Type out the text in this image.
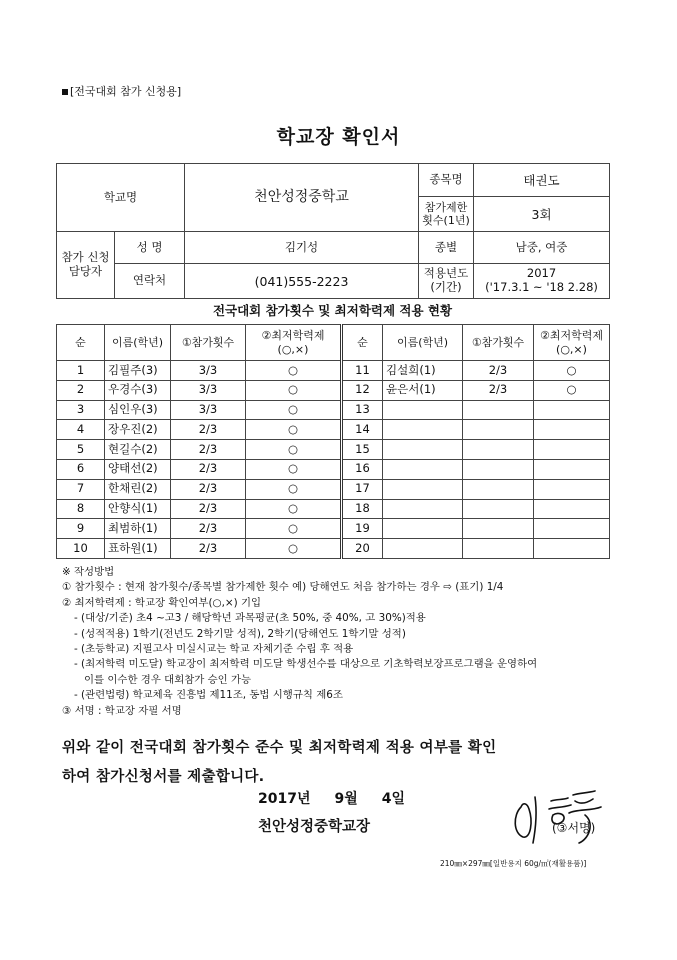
[전국대회 참가 신청용]
학교장 확인서
학교명		천안성정중학교	종목명	태권도
			참가제한 횟수(1년)	3회
참가 신청 담당자	성 명	김기성	종별	남중, 여중
	연락처	(041)555-2223	적용년도 (기간)	2017
('17.3.1 ~ '18 2.28)
전국대회 참가횟수 및 최저학력제 적용 현황
순	이름(학년)	①참가횟수	②최저학력제 (○,×)	순	이름(학년)	①참가횟수	②최저학력제 (○,×)
1	김필주(3)	3/3	○	11	김설희(1)	2/3	○
2	우경수(3)	3/3	○	12	윤은서(1)	2/3	○
3	심인우(3)	3/3	○	13			
4	장우진(2)	2/3	○	14			
5	현길수(2)	2/3	○	15			
6	양태선(2)	2/3	○	16			
7	한채린(2)	2/3	○	17			
8	안향식(1)	2/3	○	18			
9	최범하(1)	2/3	○	19			
10	표하원(1)	2/3	○	20			
※ 작성방법
① 참가횟수 : 현재 참가횟수/종목별 참가제한 횟수 예) 당해연도 처음 참가하는 경우 ⇨ (표기) 1/4
② 최저학력제 : 학교장 확인여부(○,×) 기입
- (대상/기준) 초4 ~고3 / 해당학년 과목평균(초 50%, 중 40%, 고 30%)적용
- (성적적용) 1학기(전년도 2학기말 성적), 2학기(당해연도 1학기말 성적)
- (초등학교) 지필고사 미실시교는 학교 자체기준 수립 후 적용
- (최저학력 미도달) 학교장이 최저학력 미도달 학생선수를 대상으로 기초학력보장프로그램을 운영하여
이를 이수한 경우 대회참가 승인 가능
- (관련법령) 학교체육 진흥법 제11조, 동법 시행규칙 제6조
③ 서명 : 학교장 자필 서명
위와 같이 전국대회 참가횟수 준수 및 최저학력제 적용 여부를 확인
하여 참가신청서를 제출합니다.
2017년 9월 4일
천안성정중학교장	(③서명)
210㎜×297㎜[일반용지 60g/㎡(재활용품)]
